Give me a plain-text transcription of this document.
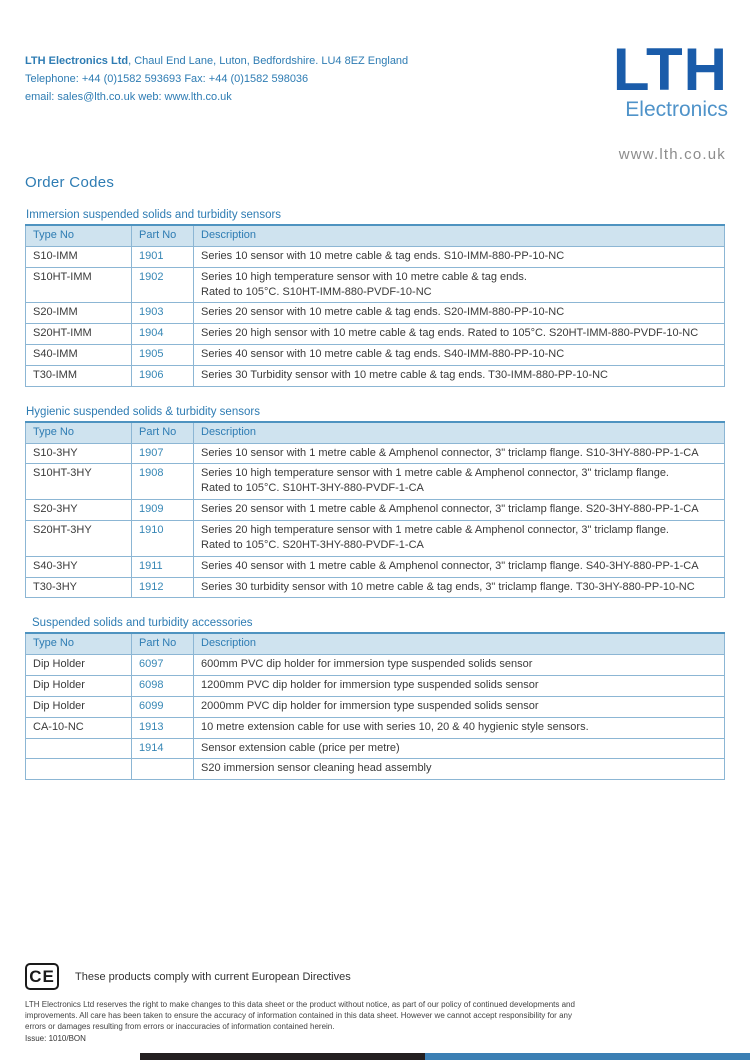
LTH Electronics Ltd, Chaul End Lane, Luton, Bedfordshire. LU4 8EZ England
Telephone: +44 (0)1582 593693 Fax: +44 (0)1582 598036
email: sales@lth.co.uk web: www.lth.co.uk	LTH
Electronics
www.lth.co.uk
Order Codes
Immersion suspended solids and turbidity sensors
Type No	Part No	Description
S10-IMM	1901	Series 10 sensor with 10 metre cable & tag ends. S10-IMM-880-PP-10-NC

S10HT-IMM	1902	Series 10 high temperature sensor with 10 metre cable & tag ends.
Rated to 105°C. S10HT-IMM-880-PVDF-10-NC

S20-IMM	1903	Series 20 sensor with 10 metre cable & tag ends. S20-IMM-880-PP-10-NC

S20HT-IMM	1904	Series 20 high sensor with 10 metre cable & tag ends. Rated to 105°C. S20HT-IMM-880-PVDF-10-NC

S40-IMM	1905	Series 40 sensor with 10 metre cable & tag ends. S40-IMM-880-PP-10-NC

T30-IMM	1906	Series 30 Turbidity sensor with 10 metre cable & tag ends. T30-IMM-880-PP-10-NC
Hygienic suspended solids & turbidity sensors
Type No	Part No	Description
S10-3HY	1907	Series 10 sensor with 1 metre cable & Amphenol connector, 3" triclamp flange. S10-3HY-880-PP-1-CA

S10HT-3HY	1908	Series 10 high temperature sensor with 1 metre cable & Amphenol connector, 3" triclamp flange.
Rated to 105°C. S10HT-3HY-880-PVDF-1-CA

S20-3HY	1909	Series 20 sensor with 1 metre cable & Amphenol connector, 3" triclamp flange. S20-3HY-880-PP-1-CA

S20HT-3HY	1910	Series 20 high temperature sensor with 1 metre cable & Amphenol connector, 3" triclamp flange.
Rated to 105°C. S20HT-3HY-880-PVDF-1-CA

S40-3HY	1911	Series 40 sensor with 1 metre cable & Amphenol connector, 3" triclamp flange. S40-3HY-880-PP-1-CA

T30-3HY	1912	Series 30 turbidity sensor with 10 metre cable & tag ends, 3" triclamp flange. T30-3HY-880-PP-10-NC
Suspended solids and turbidity accessories
Type No	Part No	Description
Dip Holder	6097	600mm PVC dip holder for immersion type suspended solids sensor

Dip Holder	6098	1200mm PVC dip holder for immersion type suspended solids sensor

Dip Holder	6099	2000mm PVC dip holder for immersion type suspended solids sensor

CA-10-NC	1913	10 metre extension cable for use with series 10, 20 & 40 hygienic style sensors.

	1914	Sensor extension cable (price per metre)

		S20 immersion sensor cleaning head assembly
CE	These products comply with current European Directives
LTH Electronics Ltd reserves the right to make changes to this data sheet or the product without notice, as part of our policy of continued developments and improvements. All care has been taken to ensure the accuracy of information contained in this data sheet. However we cannot accept responsibility for any errors or damages resulting from errors or inaccuracies of information contained herein.
Issue: 1010/BON
